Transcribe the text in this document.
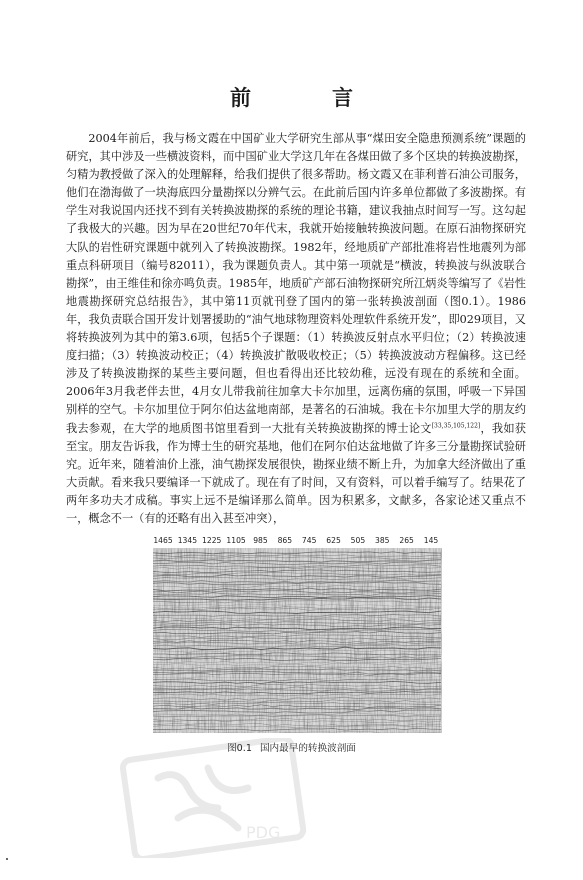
前　言
2004年前后，我与杨文霞在中国矿业大学研究生部从事“煤田安全隐患预测系统”课题的研究，其中涉及一些横波资料，而中国矿业大学这几年在各煤田做了多个区块的转换波勘探，匀精为教授做了深入的处理解释，给我们提供了很多帮助。杨文霞又在菲利普石油公司服务，他们在渤海做了一块海底四分量勘探以分辨气云。在此前后国内许多单位都做了多波勘探。有学生对我说国内还找不到有关转换波勘探的系统的理论书籍，建议我抽点时间写一写。这勾起了我极大的兴趣。因为早在20世纪70年代末，我就开始接触转换波问题。在原石油物探研究大队的岩性研究课题中就列入了转换波勘探。1982年，经地质矿产部批准将岩性地震列为部重点科研项目（编号82011），我为课题负责人。其中第一项就是“横波，转换波与纵波联合勘探”，由王维佳和徐亦鸣负责。1985年，地质矿产部石油物探研究所江炳炎等编写了《岩性地震勘探研究总结报告》，其中第11页就刊登了国内的第一张转换波剖面（图0.1）。1986年，我负责联合国开发计划署援助的“油气地球物理资料处理软件系统开发”，即029项目，又将转换波列为其中的第3.6项，包括5个子课题：（1）转换波反射点水平归位；（2）转换波速度扫描；（3）转换波动校正；（4）转换波扩散吸收校正；（5）转换波波动方程偏移。这已经涉及了转换波勘探的某些主要问题，但也看得出还比较幼稚，远没有现在的系统和全面。2006年3月我老伴去世，4月女儿带我前往加拿大卡尔加里，远离伤痛的氛围，呼吸一下异国别样的空气。卡尔加里位于阿尔伯达盆地南部，是著名的石油城。我在卡尔加里大学的朋友约我去参观，在大学的地质图书馆里看到一大批有关转换波勘探的博士论文[33,35,105,122]，我如获至宝。朋友告诉我，作为博士生的研究基地，他们在阿尔伯达盆地做了许多三分量勘探试验研究。近年来，随着油价上涨，油气勘探发展很快，勘探业绩不断上升，为加拿大经济做出了重大贡献。看来我只要编译一下就成了。现在有了时间，又有资料，可以着手编写了。结果花了两年多功夫才成稿。事实上远不是编译那么简单。因为积累多，文献多，各家论述又重点不一，概念不一（有的还略有出入甚至冲突），
1465 1345 1225 1105 985 865 745 625 505 385 265 145
图0.1 国内最早的转换波剖面
PDG
